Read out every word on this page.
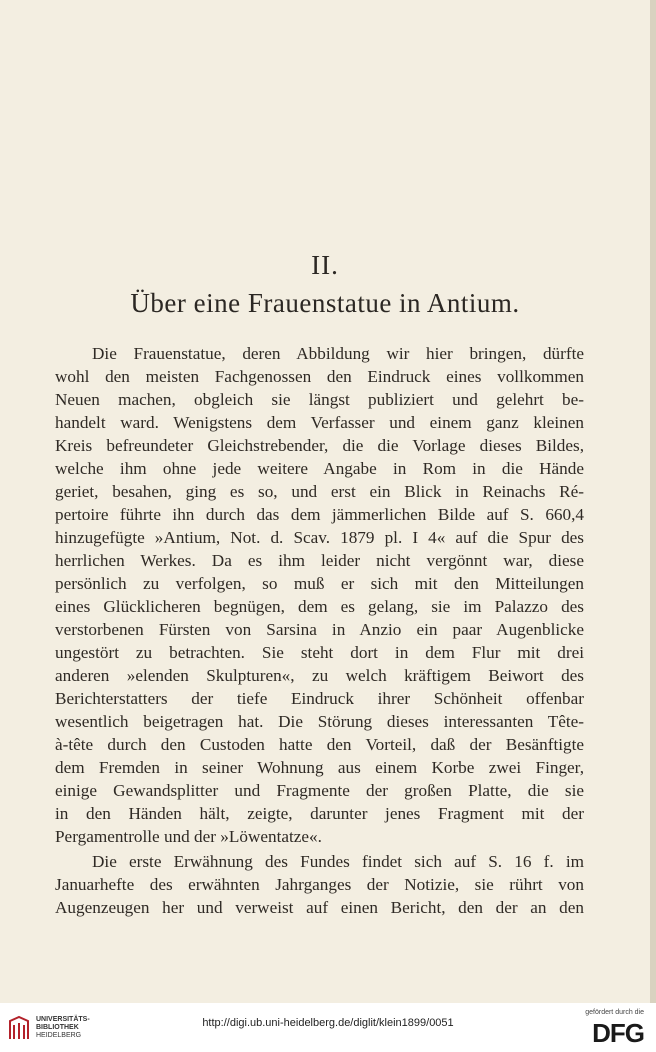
II.
Über eine Frauenstatue in Antium.
Die Frauenstatue, deren Abbildung wir hier bringen, dürfte
wohl den meisten Fachgenossen den Eindruck eines vollkommen
Neuen machen, obgleich sie längst publiziert und gelehrt be-
handelt ward. Wenigstens dem Verfasser und einem ganz kleinen
Kreis befreundeter Gleichstrebender, die die Vorlage dieses Bildes,
welche ihm ohne jede weitere Angabe in Rom in die Hände
geriet, besahen, ging es so, und erst ein Blick in Reinachs Ré-
pertoire führte ihn durch das dem jämmerlichen Bilde auf S. 660,4
hinzugefügte »Antium, Not. d. Scav. 1879 pl. I 4« auf die Spur des
herrlichen Werkes. Da es ihm leider nicht vergönnt war, diese
persönlich zu verfolgen, so muß er sich mit den Mitteilungen
eines Glücklicheren begnügen, dem es gelang, sie im Palazzo des
verstorbenen Fürsten von Sarsina in Anzio ein paar Augenblicke
ungestört zu betrachten. Sie steht dort in dem Flur mit drei
anderen »elenden Skulpturen«, zu welch kräftigem Beiwort des
Berichterstatters der tiefe Eindruck ihrer Schönheit offenbar
wesentlich beigetragen hat. Die Störung dieses interessanten Tête-
à-tête durch den Custoden hatte den Vorteil, daß der Besänftigte
dem Fremden in seiner Wohnung aus einem Korbe zwei Finger,
einige Gewandsplitter und Fragmente der großen Platte, die sie
in den Händen hält, zeigte, darunter jenes Fragment mit der
Pergamentrolle und der »Löwentatze«.
Die erste Erwähnung des Fundes findet sich auf S. 16 f. im
Januarhefte des erwähnten Jahrganges der Notizie, sie rührt von
Augenzeugen her und verweist auf einen Bericht, den der an den
UNIVERSITÄTS-
BIBLIOTHEK
HEIDELBERG
http://digi.ub.uni-heidelberg.de/diglit/klein1899/0051
gefördert durch die
DFG
